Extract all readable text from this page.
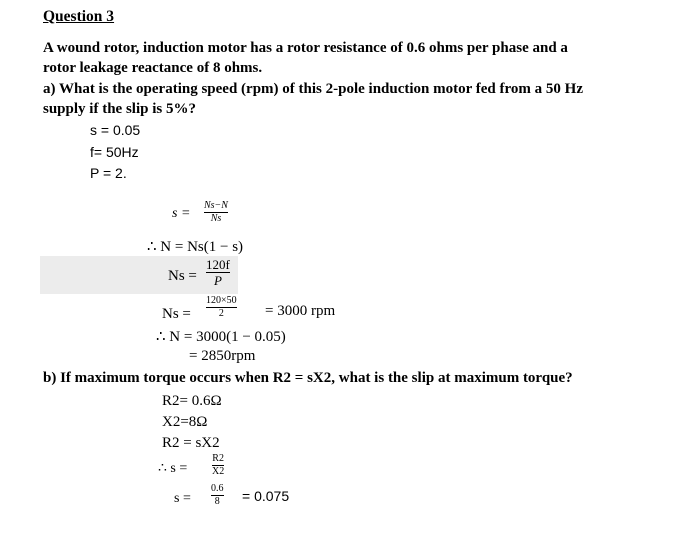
Question 3
A wound rotor, induction motor has a rotor resistance of 0.6 ohms per phase and a
rotor leakage reactance of 8 ohms.
a) What is the operating speed (rpm) of this 2-pole induction motor fed from a 50 Hz
supply if the slip is 5%?
s = 0.05
f= 50Hz
P = 2.
s =
Ns−N
Ns
∴ N = Ns(1 − s)
Ns =
120f
P
Ns =
120×50
2	= 3000 rpm
∴ N = 3000(1 − 0.05)
= 2850rpm
b) If maximum torque occurs when R2 = sX2, what is the slip at maximum torque?
R2= 0.6Ω
X2=8Ω
R2 = sX2
∴ s =
R2
X2
s =
0.6
8 = 0.075
